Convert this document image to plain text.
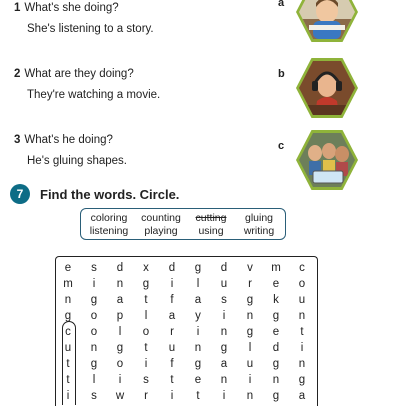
1 What's she doing?
She's listening to a story.
2 What are they doing?
They're watching a movie.
3 What's he doing?
He's gluing shapes.
a
b
c
7	Find the words. Circle.
coloring	counting	cutting	gluing
listening	playing	using	writing
e	s	d	x	d	g	d	v	m	c
m	i	n	g	i	l	u	r	e	o
n	g	a	t	f	a	s	g	k	u
g	o	p	l	a	y	i	n	g	n
c	o	l	o	r	i	n	g	e	t
u	n	g	t	u	n	g	l	d	i
t	g	o	i	f	g	a	u	g	n
t	l	i	s	t	e	n	i	n	g
i	s	w	r	i	t	i	n	g	a
